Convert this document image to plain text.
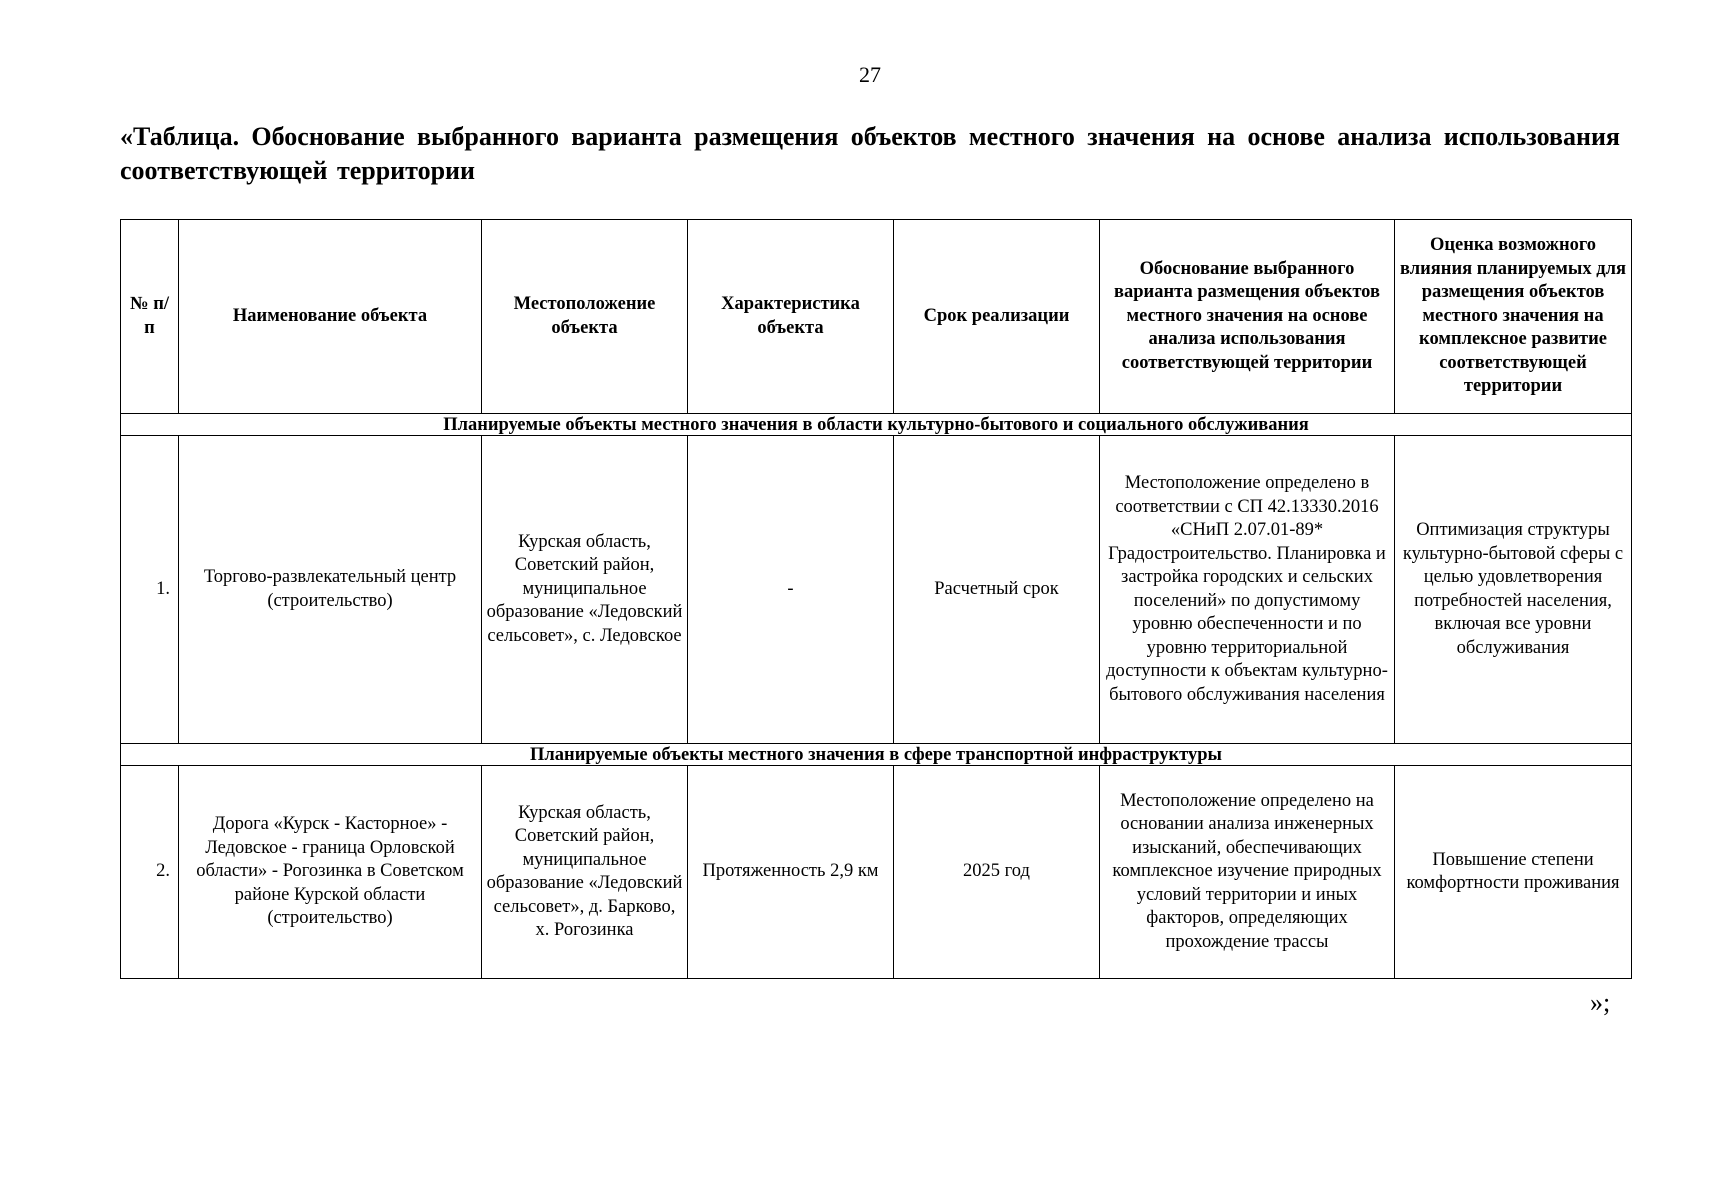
27
«Таблица. Обоснование выбранного варианта размещения объектов местного значения на основе анализа использования соответствующей территории
№ п/п	Наименование объекта	Местоположение объекта	Характеристика объекта	Срок реализации	Обоснование выбранного варианта размещения объектов местного значения на основе анализа использования соответствующей территории	Оценка возможного влияния планируемых для размещения объектов местного значения на комплексное развитие соответствующей территории
Планируемые объекты местного значения в области культурно-бытового и социального обслуживания						
1.	Торгово-развлекательный центр (строительство)	Курская область, Советский район, муниципальное образование «Ледовский сельсовет», с. Ледовское	-	Расчетный срок	Местоположение определено в соответствии с СП 42.13330.2016 «СНиП 2.07.01-89* Градостроительство. Планировка и застройка городских и сельских поселений» по допустимому уровню обеспеченности и по уровню территориальной доступности к объектам культурно-бытового обслуживания населения	Оптимизация структуры культурно-бытовой сферы с целью удовлетворения потребностей населения, включая все уровни обслуживания
Планируемые объекты местного значения в сфере транспортной инфраструктуры						
2.	Дорога «Курск - Касторное» - Ледовское - граница Орловской области» - Рогозинка в Советском районе Курской области (строительство)	Курская область, Советский район, муниципальное образование «Ледовский сельсовет», д. Барково, х. Рогозинка	Протяженность 2,9 км	2025 год	Местоположение определено на основании анализа инженерных изысканий, обеспечивающих комплексное изучение природных условий территории и иных факторов, определяющих прохождение трассы	Повышение степени комфортности проживания
»;
